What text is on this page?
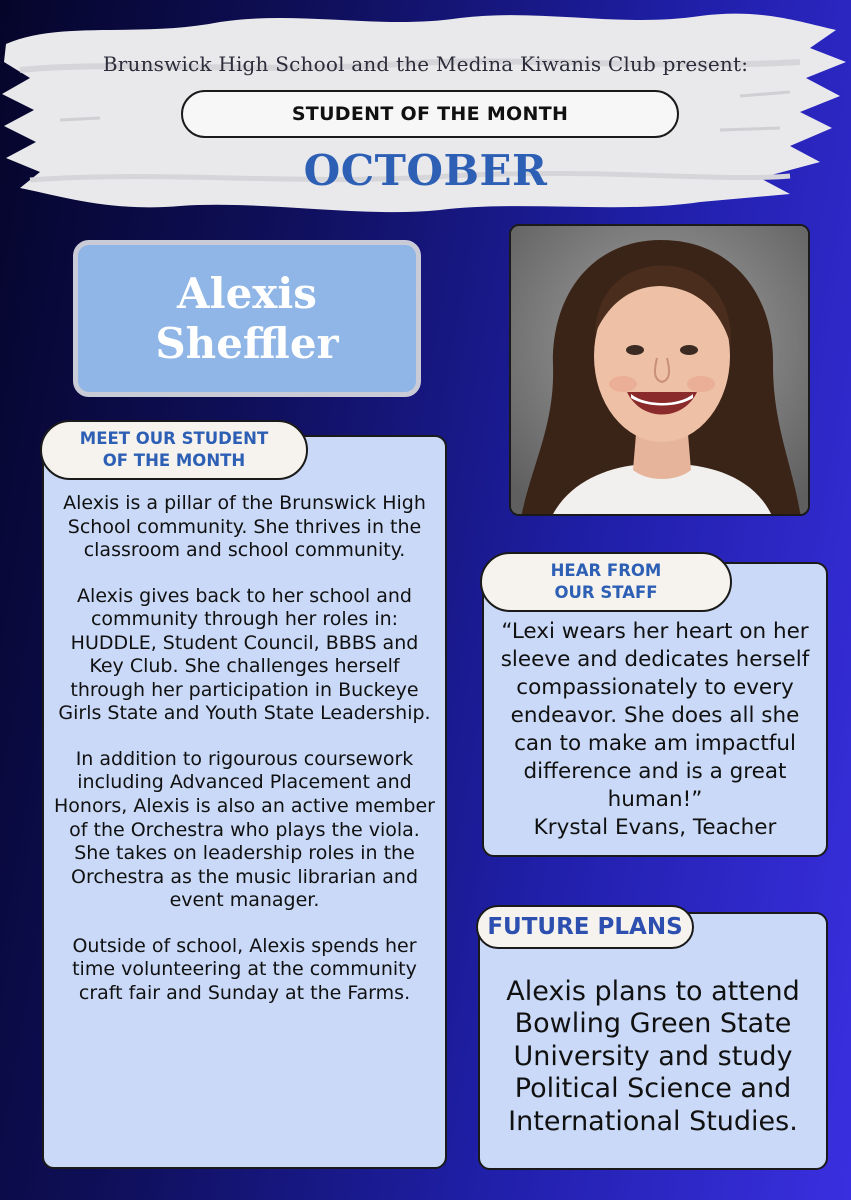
Brunswick High School and the Medina Kiwanis Club present:
STUDENT OF THE MONTH
OCTOBER
Alexis
Sheffler
MEET OUR STUDENT
OF THE MONTH

Alexis is a pillar of the Brunswick High School community. She thrives in the classroom and school community.

Alexis gives back to her school and community through her roles in: HUDDLE, Student Council, BBBS and Key Club. She challenges herself through her participation in Buckeye Girls State and Youth State Leadership.

In addition to rigourous coursework including Advanced Placement and Honors, Alexis is also an active member of the Orchestra who plays the viola. She takes on leadership roles in the Orchestra as the music librarian and event manager.

Outside of school, Alexis spends her time volunteering at the community craft fair and Sunday at the Farms.

HEAR FROM
OUR STAFF
“Lexi wears her heart on her sleeve and dedicates herself compassionately to every endeavor. She does all she can to make am impactful difference and is a great human!”
Krystal Evans, Teacher
FUTURE PLANS
Alexis plans to attend Bowling Green State University and study Political Science and International Studies.
